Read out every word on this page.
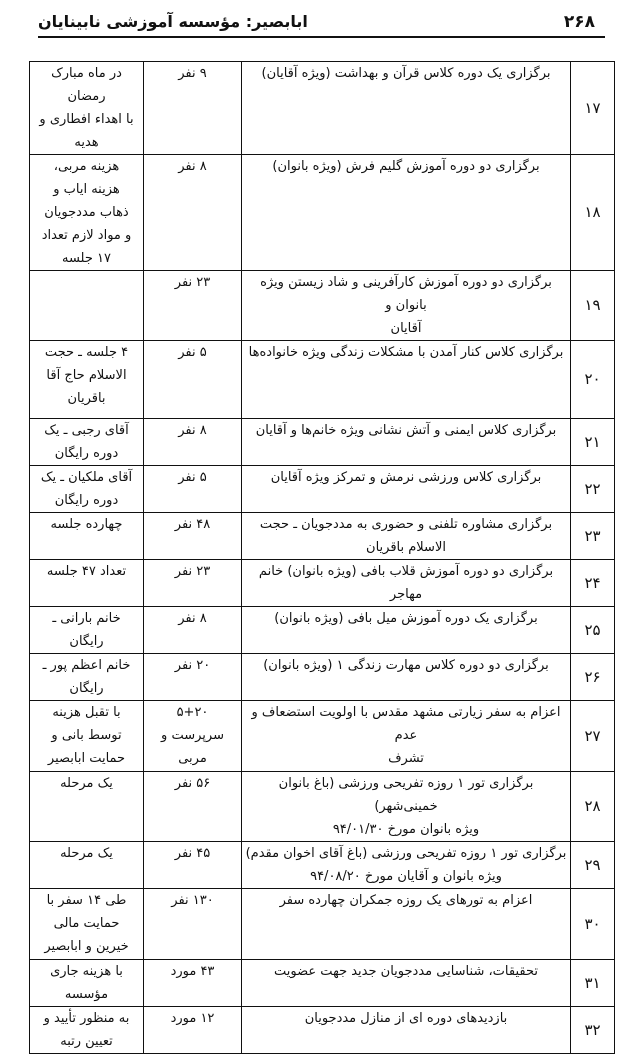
۲۶۸
ابابصیر: مؤسسه آموزشی نابینایان
۱۷	برگزاری یک دوره کلاس قرآن و بهداشت (ویژه آقایان)	۹ نفر	در ماه مبارک
رمضان
با اهداء افطاری و
هدیه
۱۸	برگزاری دو دوره آموزش گلیم فرش (ویژه بانوان)	۸ نفر	هزینه مربی،
هزینه ایاب و
ذهاب مددجویان
و مواد لازم تعداد
۱۷ جلسه
۱۹	برگزاری دو دوره آموزش کارآفرینی و شاد زیستن ویژه بانوان و
آقایان	۲۳ نفر	
۲۰	برگزاری کلاس کنار آمدن با مشکلات زندگی ویژه خانواده‌ها	۵ نفر	۴ جلسه ـ حجت
الاسلام حاج آقا
باقریان
۲۱	برگزاری کلاس ایمنی و آتش نشانی ویژه خانم‌ها و آقایان	۸ نفر	آقای رجبی ـ یک
دوره رایگان
۲۲	برگزاری کلاس ورزشی نرمش و تمرکز ویژه آقایان	۵ نفر	آقای ملکیان ـ یک
دوره رایگان
۲۳	برگزاری مشاوره تلفنی و حضوری به مددجویان ـ حجت
الاسلام باقریان	۴۸ نفر	چهارده جلسه
۲۴	برگزاری دو دوره آموزش قلاب بافی (ویژه بانوان) خانم مهاجر	۲۳ نفر	تعداد ۴۷ جلسه
۲۵	برگزاری یک دوره آموزش میل بافی (ویژه بانوان)	۸ نفر	خانم بارانی ـ
رایگان
۲۶	برگزاری دو دوره کلاس مهارت زندگی ۱ (ویژه بانوان)	۲۰ نفر	خانم اعظم پور ـ
رایگان
۲۷	اعزام به سفر زیارتی مشهد مقدس با اولویت استضعاف و عدم
تشرف	۵+۲۰
سرپرست و
مربی	با تقبل هزینه
توسط بانی و
حمایت ابابصیر
۲۸	برگزاری تور ۱ روزه تفریحی ورزشی (باغ بانوان خمینی‌شهر)
ویژه بانوان مورخ ۹۴/۰۱/۳۰	۵۶ نفر	یک مرحله
۲۹	برگزاری تور ۱ روزه تفریحی ورزشی (باغ آقای اخوان مقدم)
ویژه بانوان و آقایان مورخ ۹۴/۰۸/۲۰	۴۵ نفر	یک مرحله
۳۰	اعزام به تورهای یک روزه جمکران چهارده سفر	۱۳۰ نفر	طی ۱۴ سفر با
حمایت مالی
خیرین و ابابصیر
۳۱	تحقیقات، شناسایی مددجویان جدید جهت عضویت	۴۳ مورد	با هزینه جاری
مؤسسه
۳۲	بازدیدهای دوره ای از منازل مددجویان	۱۲ مورد	به منظور تأیید و
تعیین رتبه
